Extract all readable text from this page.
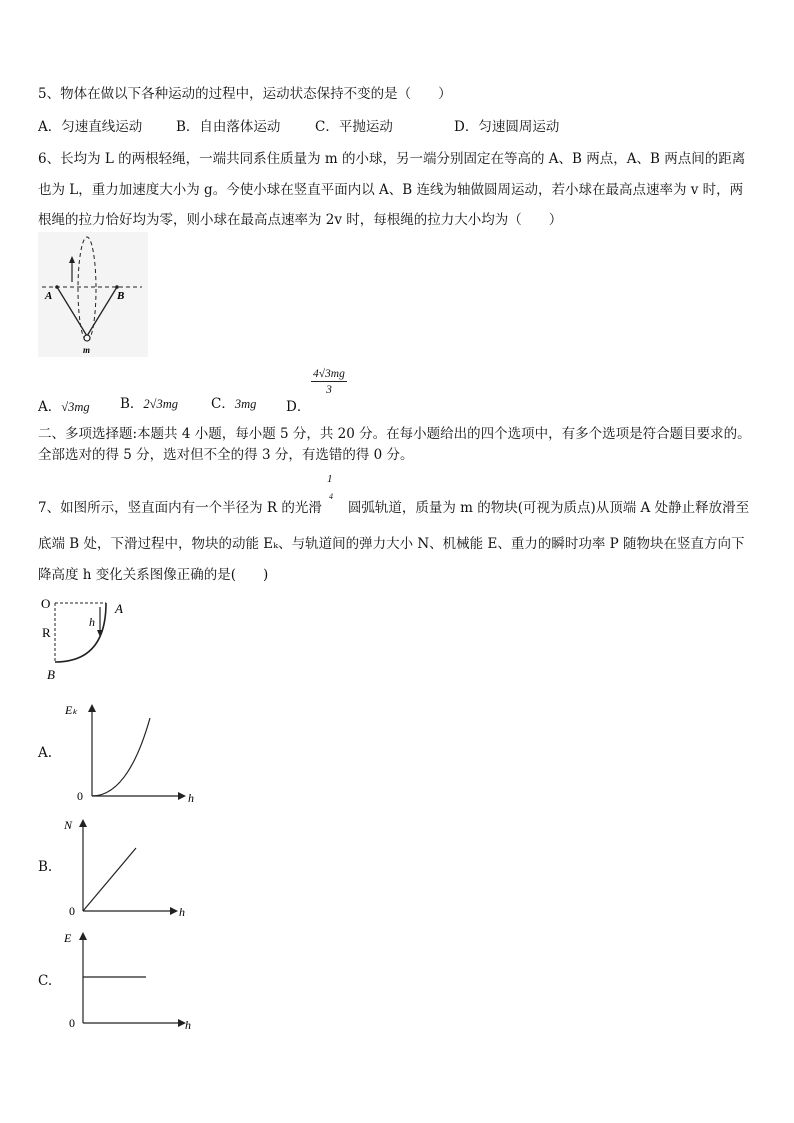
5、物体在做以下各种运动的过程中，运动状态保持不变的是（　　）
A．匀速直线运动	B．自由落体运动	C．平抛运动	D．匀速圆周运动
6、长均为 L 的两根轻绳，一端共同系住质量为 m 的小球，另一端分别固定在等高的 A、B 两点，A、B 两点间的距离
也为 L，重力加速度大小为 g。今使小球在竖直平面内以 A、B 连线为轴做圆周运动，若小球在最高点速率为 v 时，两
根绳的拉力恰好均为零，则小球在最高点速率为 2v 时，每根绳的拉力大小均为（　　）
A	B
m
A．√3mg B．2√3mg C．3mg D．
$\frac{4√3mg}{3}$
二、多项选择题:本题共 4 小题，每小题 5 分，共 20 分。在每小题给出的四个选项中，有多个选项是符合题目要求的。
全部选对的得 5 分，选对但不全的得 3 分，有选错的得 0 分。
7、如图所示，竖直面内有一个半径为 R 的光滑 圆弧轨道，质量为 m 的物块(可视为质点)从顶端 A 处静止释放滑至
1
4
底端 B 处，下滑过程中，物块的动能 Eₖ、与轨道间的弹力大小 N、机械能 E、重力的瞬时功率 P 随物块在竖直方向下
降高度 h 变化关系图像正确的是(　　)
O
h
A
R
B
A.
Eₖ
h
0
B.
N
h
0
C.
E
h
0
